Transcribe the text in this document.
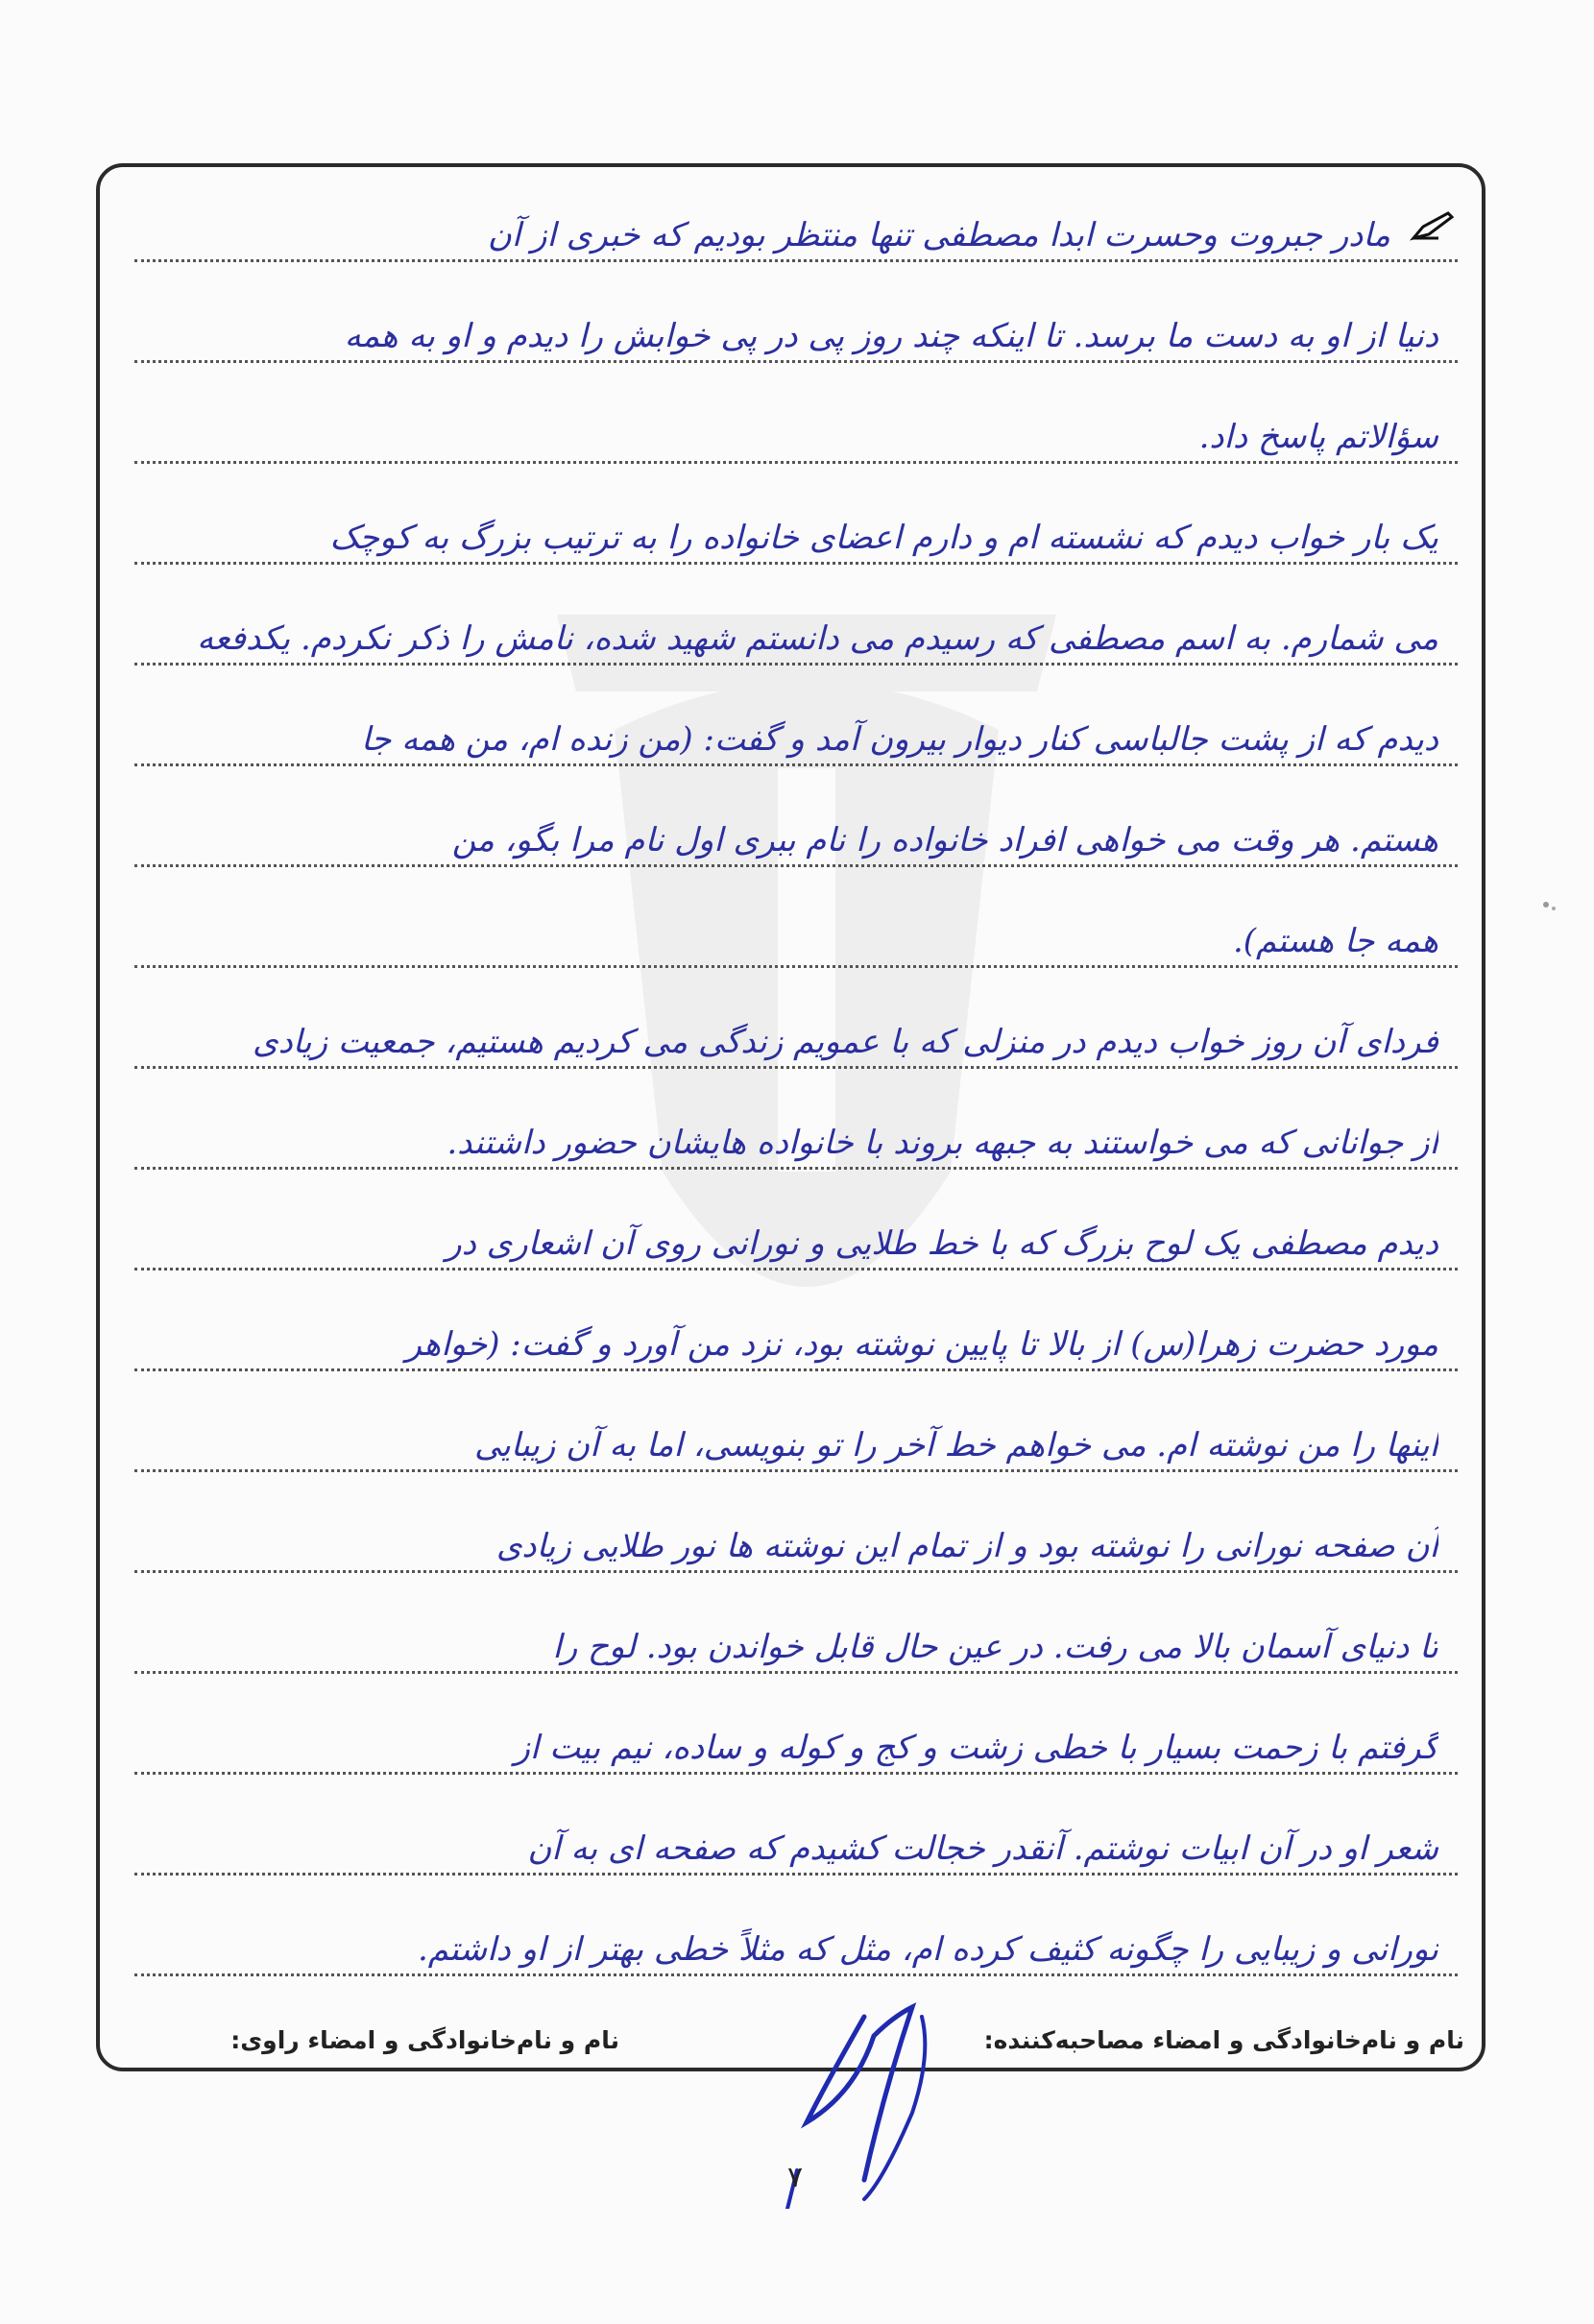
مادر جبروت وحسرت ابدا مصطفی تنها منتظر بودیم که خبری از آن
دنیا از او به دست ما برسد. تا اینکه چند روز پی در پی خوابش را دیدم و او به همه
سؤالاتم پاسخ داد.
یک بار خواب دیدم که نشسته ام و دارم اعضای خانواده را به ترتیب بزرگ به کوچک
می شمارم. به اسم مصطفی که رسیدم می دانستم شهید شده، نامش را ذکر نکردم. یکدفعه
دیدم که از پشت جالباسی کنار دیوار بیرون آمد و گفت: (من زنده ام، من همه جا
هستم. هر وقت می خواهی افراد خانواده را نام ببری اول نام مرا بگو، من
همه جا هستم).
فردای آن روز خواب دیدم در منزلی که با عمویم زندگی می کردیم هستیم، جمعیت زیادی
از جوانانی که می خواستند به جبهه بروند با خانواده هایشان حضور داشتند.
دیدم مصطفی یک لوح بزرگ که با خط طلایی و نورانی روی آن اشعاری در
مورد حضرت زهرا(س) از بالا تا پایین نوشته بود، نزد من آورد و گفت: (خواهر
اینها را من نوشته ام. می خواهم خط آخر را تو بنویسی، اما به آن زیبایی
آن صفحه نورانی را نوشته بود و از تمام این نوشته ها نور طلایی زیادی
تا دنیای آسمان بالا می رفت. در عین حال قابل خواندن بود. لوح را
گرفتم با زحمت بسیار با خطی زشت و کج و کوله و ساده، نیم بیت از
شعر او در آن ابیات نوشتم. آنقدر خجالت کشیدم که صفحه ای به آن
نورانی و زیبایی را چگونه کثیف کرده ام، مثل که مثلاً خطی بهتر از او داشتم.
نام و نام‌خانوادگی و امضاء مصاحبه‌کننده:
نام و نام‌خانوادگی و امضاء راوی:
۷
